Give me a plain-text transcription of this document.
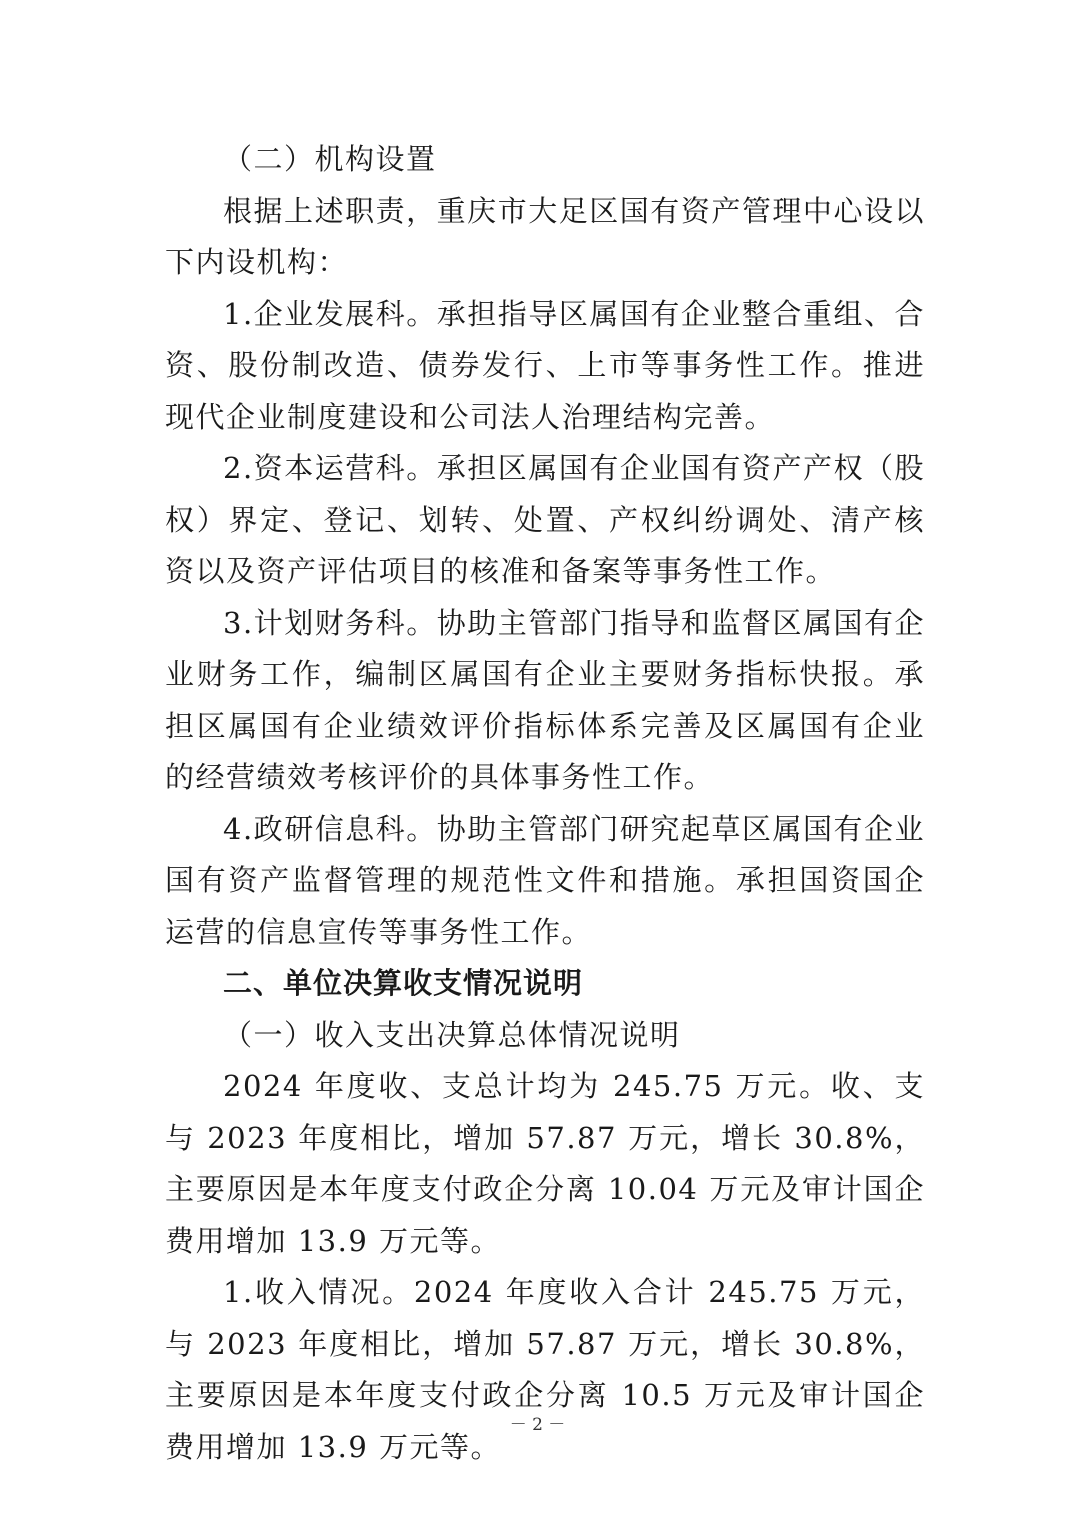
（二）机构设置

根据上述职责，重庆市大足区国有资产管理中心设以下内设机构：

1.企业发展科。承担指导区属国有企业整合重组、合资、股份制改造、债券发行、上市等事务性工作。推进现代企业制度建设和公司法人治理结构完善。

2.资本运营科。承担区属国有企业国有资产产权（股权）界定、登记、划转、处置、产权纠纷调处、清产核资以及资产评估项目的核准和备案等事务性工作。

3.计划财务科。协助主管部门指导和监督区属国有企业财务工作，编制区属国有企业主要财务指标快报。承担区属国有企业绩效评价指标体系完善及区属国有企业的经营绩效考核评价的具体事务性工作。

4.政研信息科。协助主管部门研究起草区属国有企业国有资产监督管理的规范性文件和措施。承担国资国企运营的信息宣传等事务性工作。

二、单位决算收支情况说明

（一）收入支出决算总体情况说明

2024 年度收、支总计均为 245.75 万元。收、支与 2023 年度相比，增加 57.87 万元，增长 30.8%，主要原因是本年度支付政企分离 10.04 万元及审计国企费用增加 13.9 万元等。

1.收入情况。2024 年度收入合计 245.75 万元，与 2023 年度相比，增加 57.87 万元，增长 30.8%，主要原因是本年度支付政企分离 10.5 万元及审计国企费用增加 13.9 万元等。

－ 2 －
